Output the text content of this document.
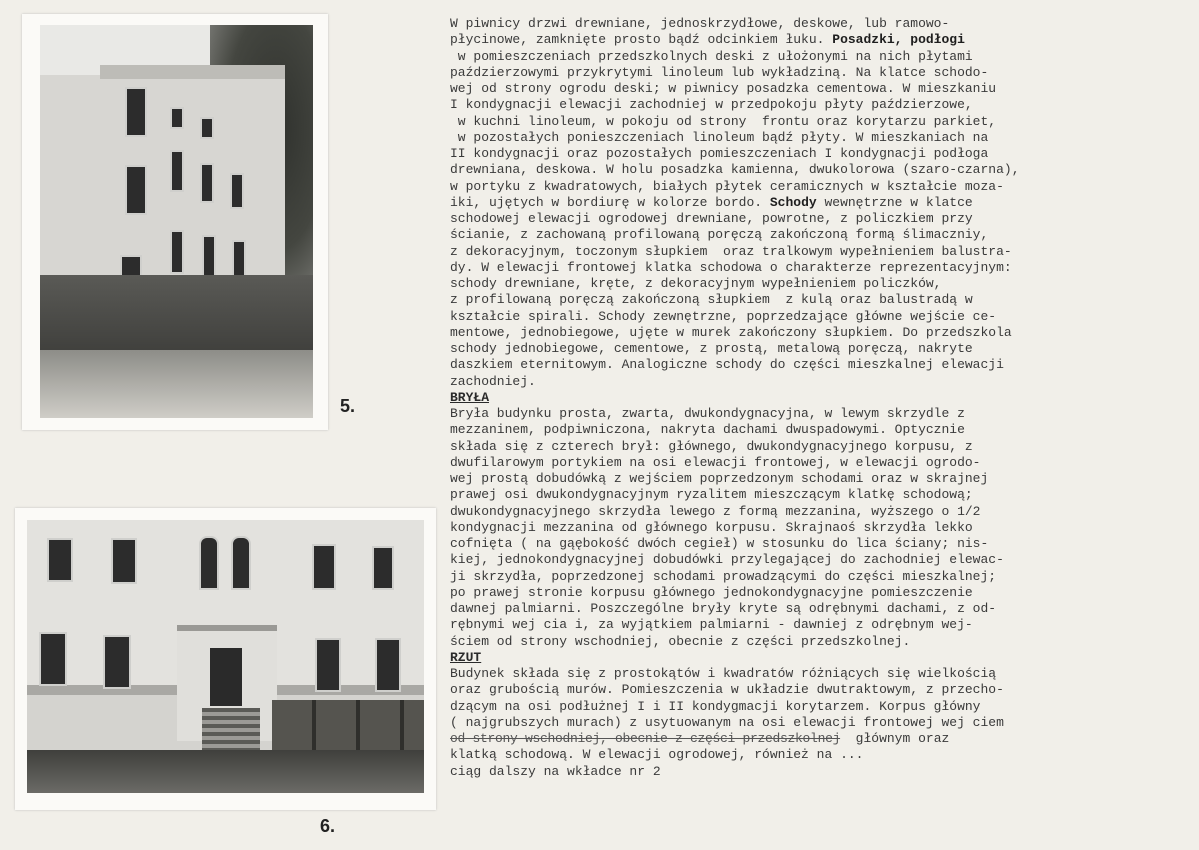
5.
6.
W piwnicy drzwi drewniane, jednoskrzydłowe, deskowe, lub ramowo-
płycinowe, zamknięte prosto bądź odcinkiem łuku. Posadzki, podłogi
w pomieszczeniach przedszkolnych deski z ułożonymi na nich płytami
paździerzowymi przykrytymi linoleum lub wykładziną. Na klatce schodo-
wej od strony ogrodu deski; w piwnicy posadzka cementowa. W mieszkaniu
I kondygnacji elewacji zachodniej w przedpokoju płyty paździerzowe,
w kuchni linoleum, w pokoju od strony  frontu oraz korytarzu parkiet,
w pozostałych ponieszczeniach linoleum bądź płyty. W mieszkaniach na
II kondygnacji oraz pozostałych pomieszczeniach I kondygnacji podłoga
drewniana, deskowa. W holu posadzka kamienna, dwukolorowa (szaro-czarna),
w portyku z kwadratowych, białych płytek ceramicznych w kształcie moza-
iki, ujętych w bordiurę w kolorze bordo. Schody wewnętrzne w klatce
schodowej elewacji ogrodowej drewniane, powrotne, z policzkiem przy
ścianie, z zachowaną profilowaną poręczą zakończoną formą ślimaczniy,
z dekoracyjnym, toczonym słupkiem  oraz tralkowym wypełnieniem balustra-
dy. W elewacji frontowej klatka schodowa o charakterze reprezentacyjnym:
schody drewniane, kręte, z dekoracyjnym wypełnieniem policzków,
z profilowaną poręczą zakończoną słupkiem  z kulą oraz balustradą w
kształcie spirali. Schody zewnętrzne, poprzedzające główne wejście ce-
mentowe, jednobiegowe, ujęte w murek zakończony słupkiem. Do przedszkola
schody jednobiegowe, cementowe, z prostą, metalową poręczą, nakryte
daszkiem eternitowym. Analogiczne schody do części mieszkalnej elewacji
zachodniej.
BRYŁA
Bryła budynku prosta, zwarta, dwukondygnacyjna, w lewym skrzydle z
mezzaninem, podpiwniczona, nakryta dachami dwuspadowymi. Optycznie
składa się z czterech brył: głównego, dwukondygnacyjnego korpusu, z
dwufilarowym portykiem na osi elewacji frontowej, w elewacji ogrodo-
wej prostą dobudówką z wejściem poprzedzonym schodami oraz w skrajnej
prawej osi dwukondygnacyjnym ryzalitem mieszczącym klatkę schodową;
dwukondygnacyjnego skrzydła lewego z formą mezzanina, wyższego o 1/2
kondygnacji mezzanina od głównego korpusu. Skrajnaoś skrzydła lekko
cofnięta ( na gąębokość dwóch cegieł) w stosunku do lica ściany; nis-
kiej, jednokondygnacyjnej dobudówki przylegającej do zachodniej elewac-
ji skrzydła, poprzedzonej schodami prowadzącymi do części mieszkalnej;
po prawej stronie korpusu głównego jednokondygnacyjne pomieszczenie
dawnej palmiarni. Poszczególne bryły kryte są odrębnymi dachami, z od-
rębnymi wej cia i, za wyjątkiem palmiarni - dawniej z odrębnym wej-
ściem od strony wschodniej, obecnie z części przedszkolnej.
RZUT
Budynek składa się z prostokątów i kwadratów różniących się wielkością
oraz grubością murów. Pomieszczenia w układzie dwutraktowym, z przecho-
dzącym na osi podłużnej I i II kondygmacji korytarzem. Korpus główny
( najgrubszych murach) z usytuowanym na osi elewacji frontowej wej ciem
od strony wschodniej, obecnie z części przedszkolnej  głównym oraz
klatką schodową. W elewacji ogrodowej, również na ...
ciąg dalszy na wkładce nr 2
